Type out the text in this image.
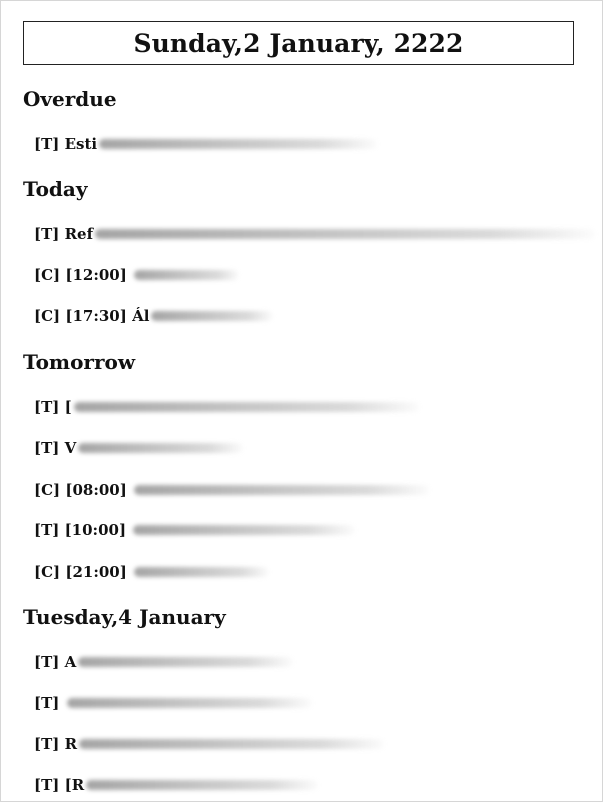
Sunday,2 January, 2222
Overdue
[T]
Esti
Today
[T]
Ref
[C] [12:00]

[C] [17:30]
Ál
Tomorrow
[T]
[
[T]
V
[C] [08:00]

[T] [10:00]

[C] [21:00]

Tuesday,4 January
[T]
A
[T]

[T]
R
[T]
[R
